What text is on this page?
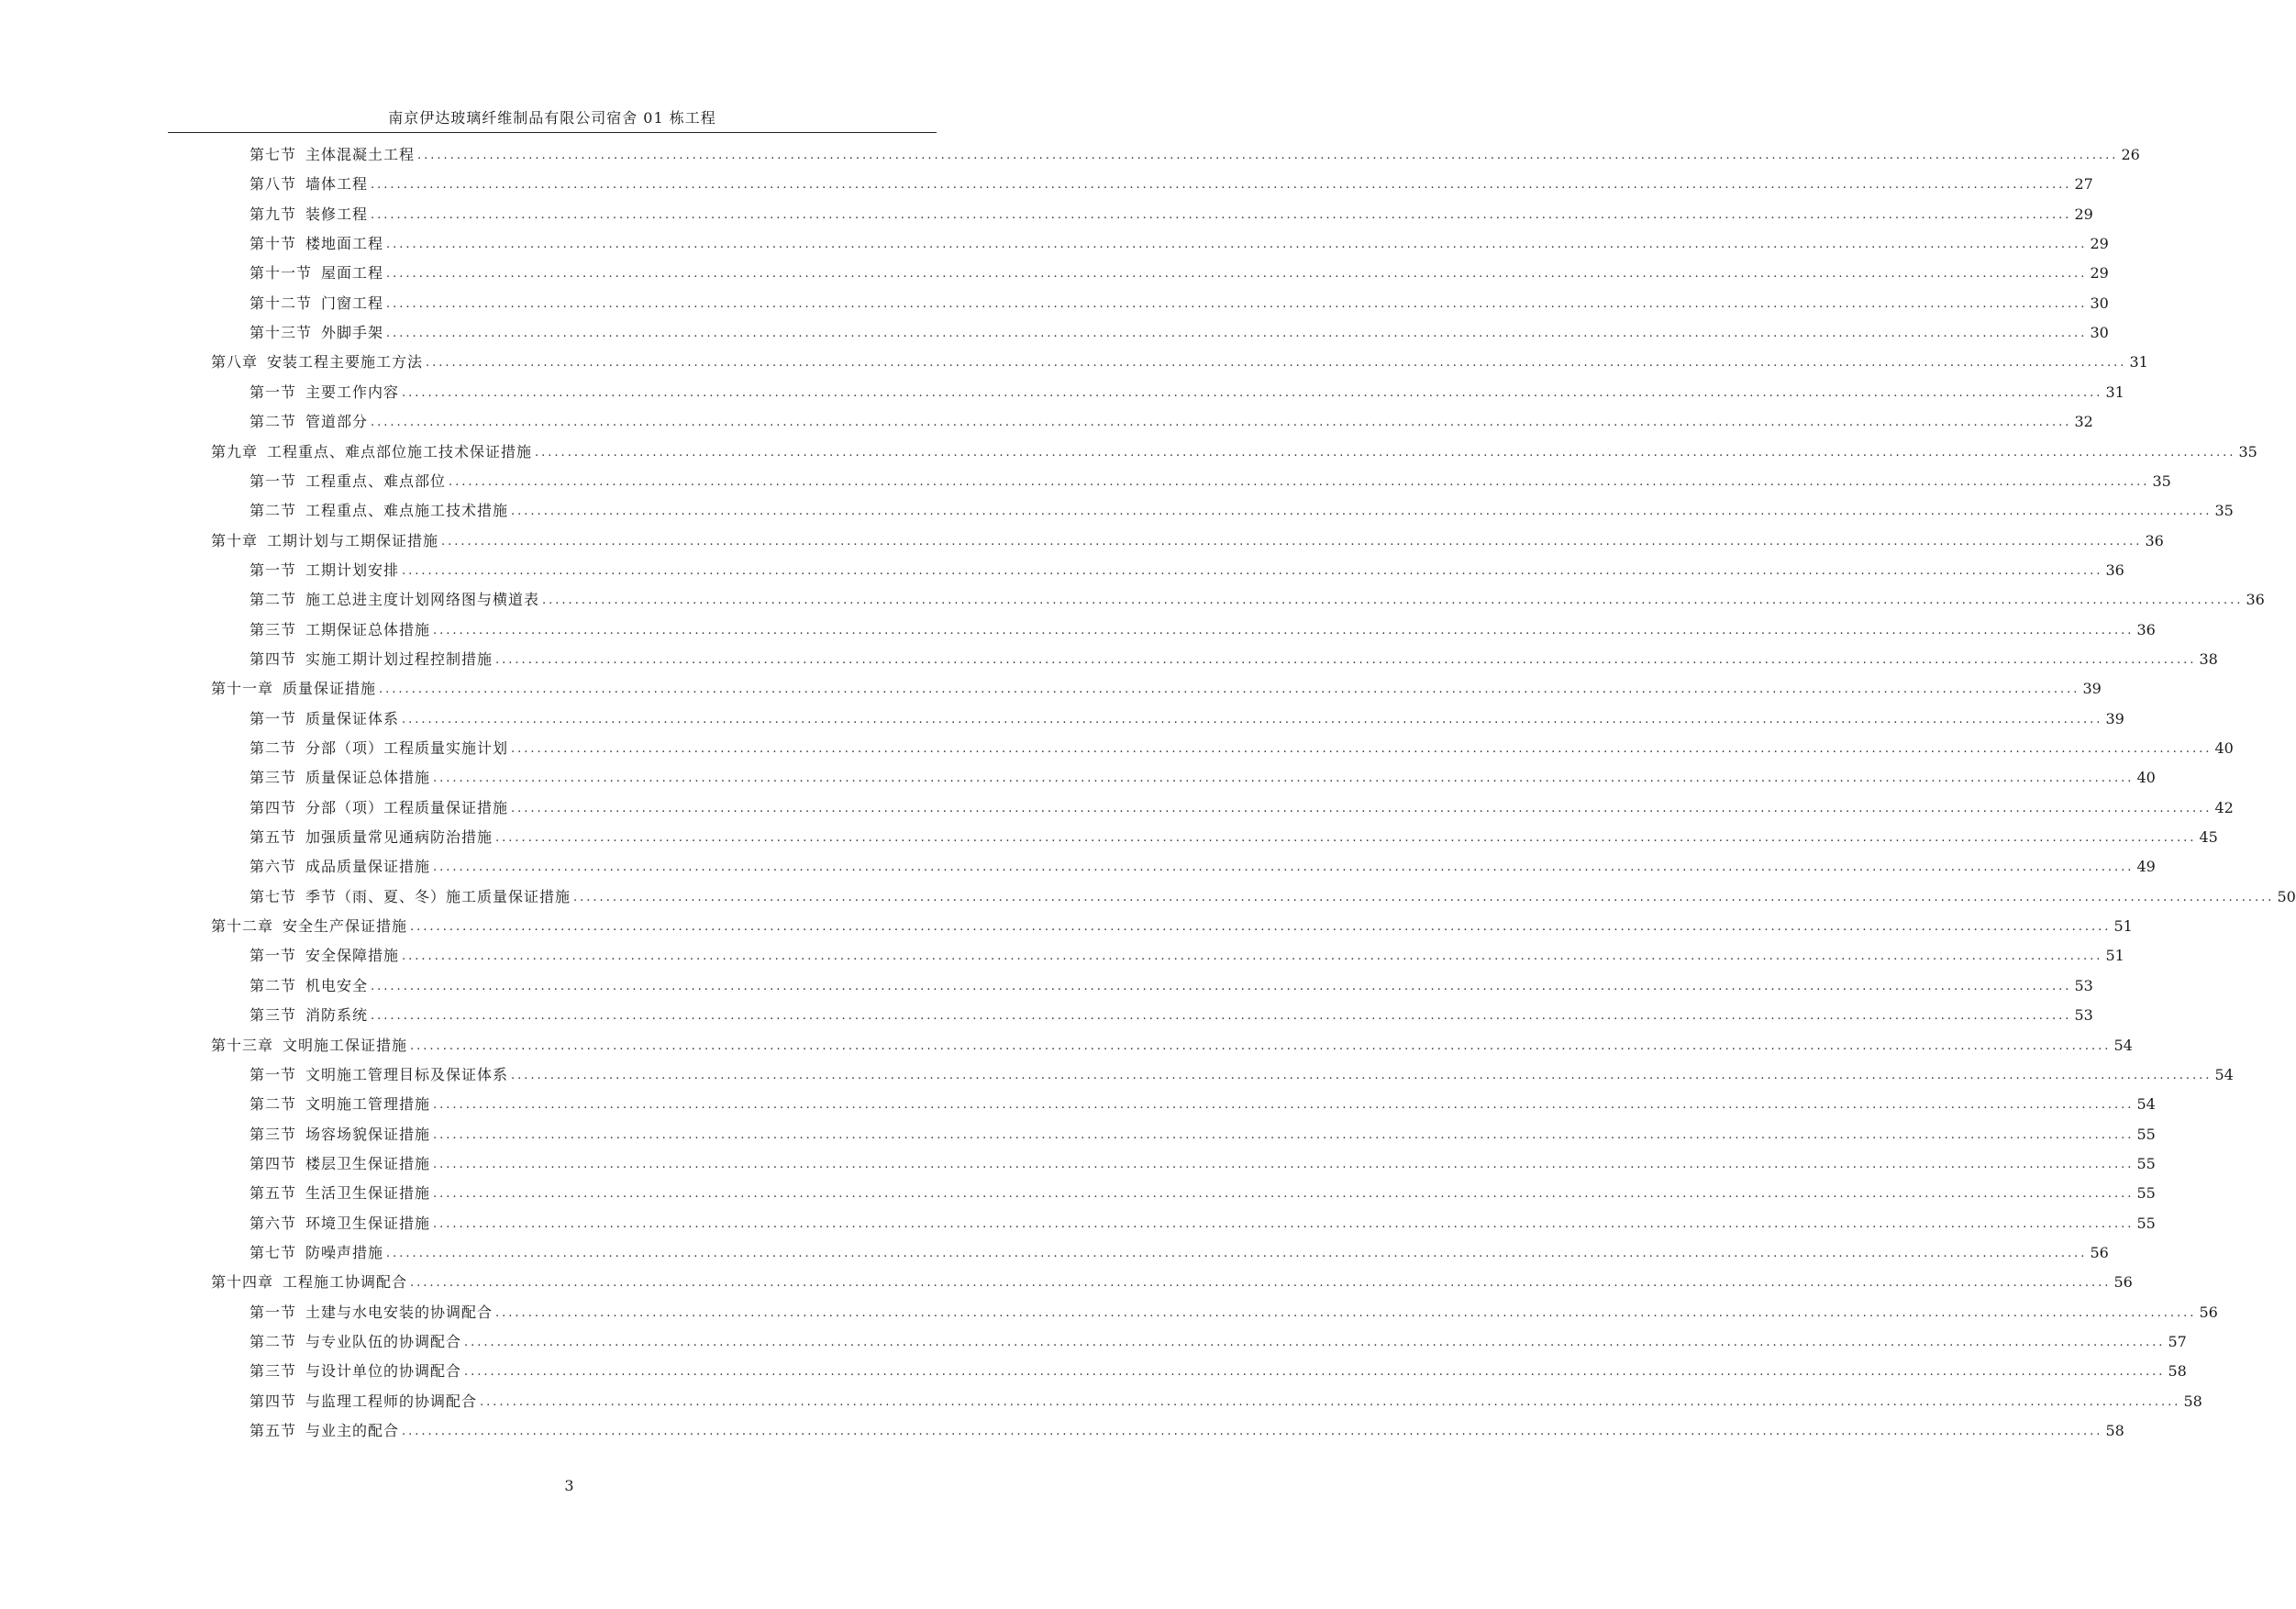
南京伊达玻璃纤维制品有限公司宿舍 01 栋工程
第七节 主体混凝土工程 .................................................................................................................................................................................................................................................................... 26
第八节 墙体工程 .................................................................................................................................................................................................................................................................... 27
第九节 装修工程 .................................................................................................................................................................................................................................................................... 29
第十节 楼地面工程 .................................................................................................................................................................................................................................................................... 29
第十一节 屋面工程 .................................................................................................................................................................................................................................................................... 29
第十二节 门窗工程 .................................................................................................................................................................................................................................................................... 30
第十三节 外脚手架 .................................................................................................................................................................................................................................................................... 30
第八章 安装工程主要施工方法 .................................................................................................................................................................................................................................................................... 31
第一节 主要工作内容 .................................................................................................................................................................................................................................................................... 31
第二节 管道部分 .................................................................................................................................................................................................................................................................... 32
第九章 工程重点、难点部位施工技术保证措施 .................................................................................................................................................................................................................................................................... 35
第一节 工程重点、难点部位 .................................................................................................................................................................................................................................................................... 35
第二节 工程重点、难点施工技术措施 .................................................................................................................................................................................................................................................................... 35
第十章 工期计划与工期保证措施 .................................................................................................................................................................................................................................................................... 36
第一节 工期计划安排 .................................................................................................................................................................................................................................................................... 36
第二节 施工总进主度计划网络图与横道表 .................................................................................................................................................................................................................................................................... 36
第三节 工期保证总体措施 .................................................................................................................................................................................................................................................................... 36
第四节 实施工期计划过程控制措施 .................................................................................................................................................................................................................................................................... 38
第十一章 质量保证措施 .................................................................................................................................................................................................................................................................... 39
第一节 质量保证体系 .................................................................................................................................................................................................................................................................... 39
第二节 分部（项）工程质量实施计划 .................................................................................................................................................................................................................................................................... 40
第三节 质量保证总体措施 .................................................................................................................................................................................................................................................................... 40
第四节 分部（项）工程质量保证措施 .................................................................................................................................................................................................................................................................... 42
第五节 加强质量常见通病防治措施 .................................................................................................................................................................................................................................................................... 45
第六节 成品质量保证措施 .................................................................................................................................................................................................................................................................... 49
第七节 季节（雨、夏、冬）施工质量保证措施 .................................................................................................................................................................................................................................................................... 50
第十二章 安全生产保证措施 .................................................................................................................................................................................................................................................................... 51
第一节 安全保障措施 .................................................................................................................................................................................................................................................................... 51
第二节 机电安全 .................................................................................................................................................................................................................................................................... 53
第三节 消防系统 .................................................................................................................................................................................................................................................................... 53
第十三章 文明施工保证措施 .................................................................................................................................................................................................................................................................... 54
第一节 文明施工管理目标及保证体系 .................................................................................................................................................................................................................................................................... 54
第二节 文明施工管理措施 .................................................................................................................................................................................................................................................................... 54
第三节 场容场貌保证措施 .................................................................................................................................................................................................................................................................... 55
第四节 楼层卫生保证措施 .................................................................................................................................................................................................................................................................... 55
第五节 生活卫生保证措施 .................................................................................................................................................................................................................................................................... 55
第六节 环境卫生保证措施 .................................................................................................................................................................................................................................................................... 55
第七节 防噪声措施 .................................................................................................................................................................................................................................................................... 56
第十四章 工程施工协调配合 .................................................................................................................................................................................................................................................................... 56
第一节 土建与水电安装的协调配合 .................................................................................................................................................................................................................................................................... 56
第二节 与专业队伍的协调配合 .................................................................................................................................................................................................................................................................... 57
第三节 与设计单位的协调配合 .................................................................................................................................................................................................................................................................... 58
第四节 与监理工程师的协调配合 .................................................................................................................................................................................................................................................................... 58
第五节 与业主的配合 .................................................................................................................................................................................................................................................................... 58
3
